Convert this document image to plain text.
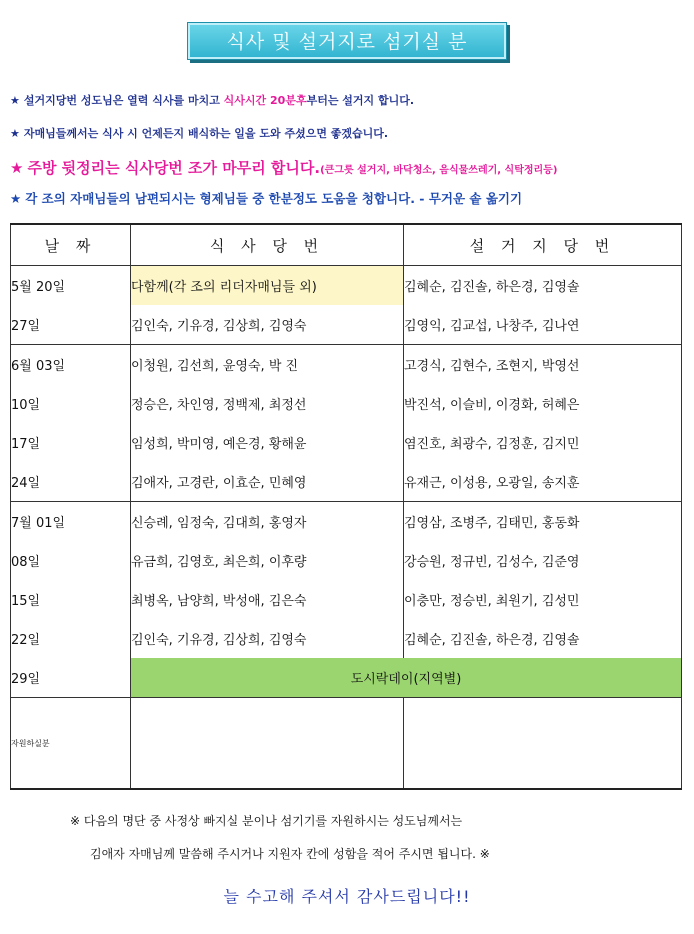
식사 및 설거지로 섬기실 분
★ 설거지당번 성도님은 열력 식사를 마치고 식사시간 20분후부터는 설거지 합니다.
★ 자매님들께서는 식사 시 언제든지 배식하는 일을 도와 주셨으면 좋겠습니다.
★ 주방 뒷정리는 식사당번 조가 마무리 합니다.(큰그릇 설거지, 바닥청소, 음식물쓰레기, 식탁정리등)
★ 각 조의 자매님들의 남편되시는 형제님들 중 한분정도 도움을 청합니다. - 무거운 솥 옮기기
날 짜	식 사 당 번	설 거 지 당 번
5월 20일	다함께(각 조의 리더자매님들 외)	김혜순, 김진솔, 하은경, 김영솔
27일	김인숙, 기유경, 김상희, 김영숙	김영익, 김교섭, 나창주, 김나연
6월 03일	이청원, 김선희, 윤영숙, 박 진	고경식, 김현수, 조현지, 박영선
10일	정승은, 차인영, 정백제, 최정선	박진석, 이슬비, 이경화, 허혜은
17일	임성희, 박미영, 예은경, 황해윤	염진호, 최광수, 김정훈, 김지민
24일	김애자, 고경란, 이효순, 민혜영	유재근, 이성용, 오광일, 송지훈
7월 01일	신승례, 임정숙, 김대희, 홍영자	김영삼, 조병주, 김태민, 홍동화
08일	유금희, 김영호, 최은희, 이후량	강승원, 정규빈, 김성수, 김준영
15일	최병옥, 남양희, 박성애, 김은숙	이충만, 정승빈, 최원기, 김성민
22일	김인숙, 기유경, 김상희, 김영숙	김혜순, 김진솔, 하은경, 김영솔
29일	도시락데이(지역별)	
자원하실분		
※ 다음의 명단 중 사정상 빠지실 분이나 섬기기를 자원하시는 성도님께서는
김애자 자매님께 말씀해 주시거나 지원자 칸에 성함을 적어 주시면 됩니다. ※
늘 수고해 주셔서 감사드립니다!!
